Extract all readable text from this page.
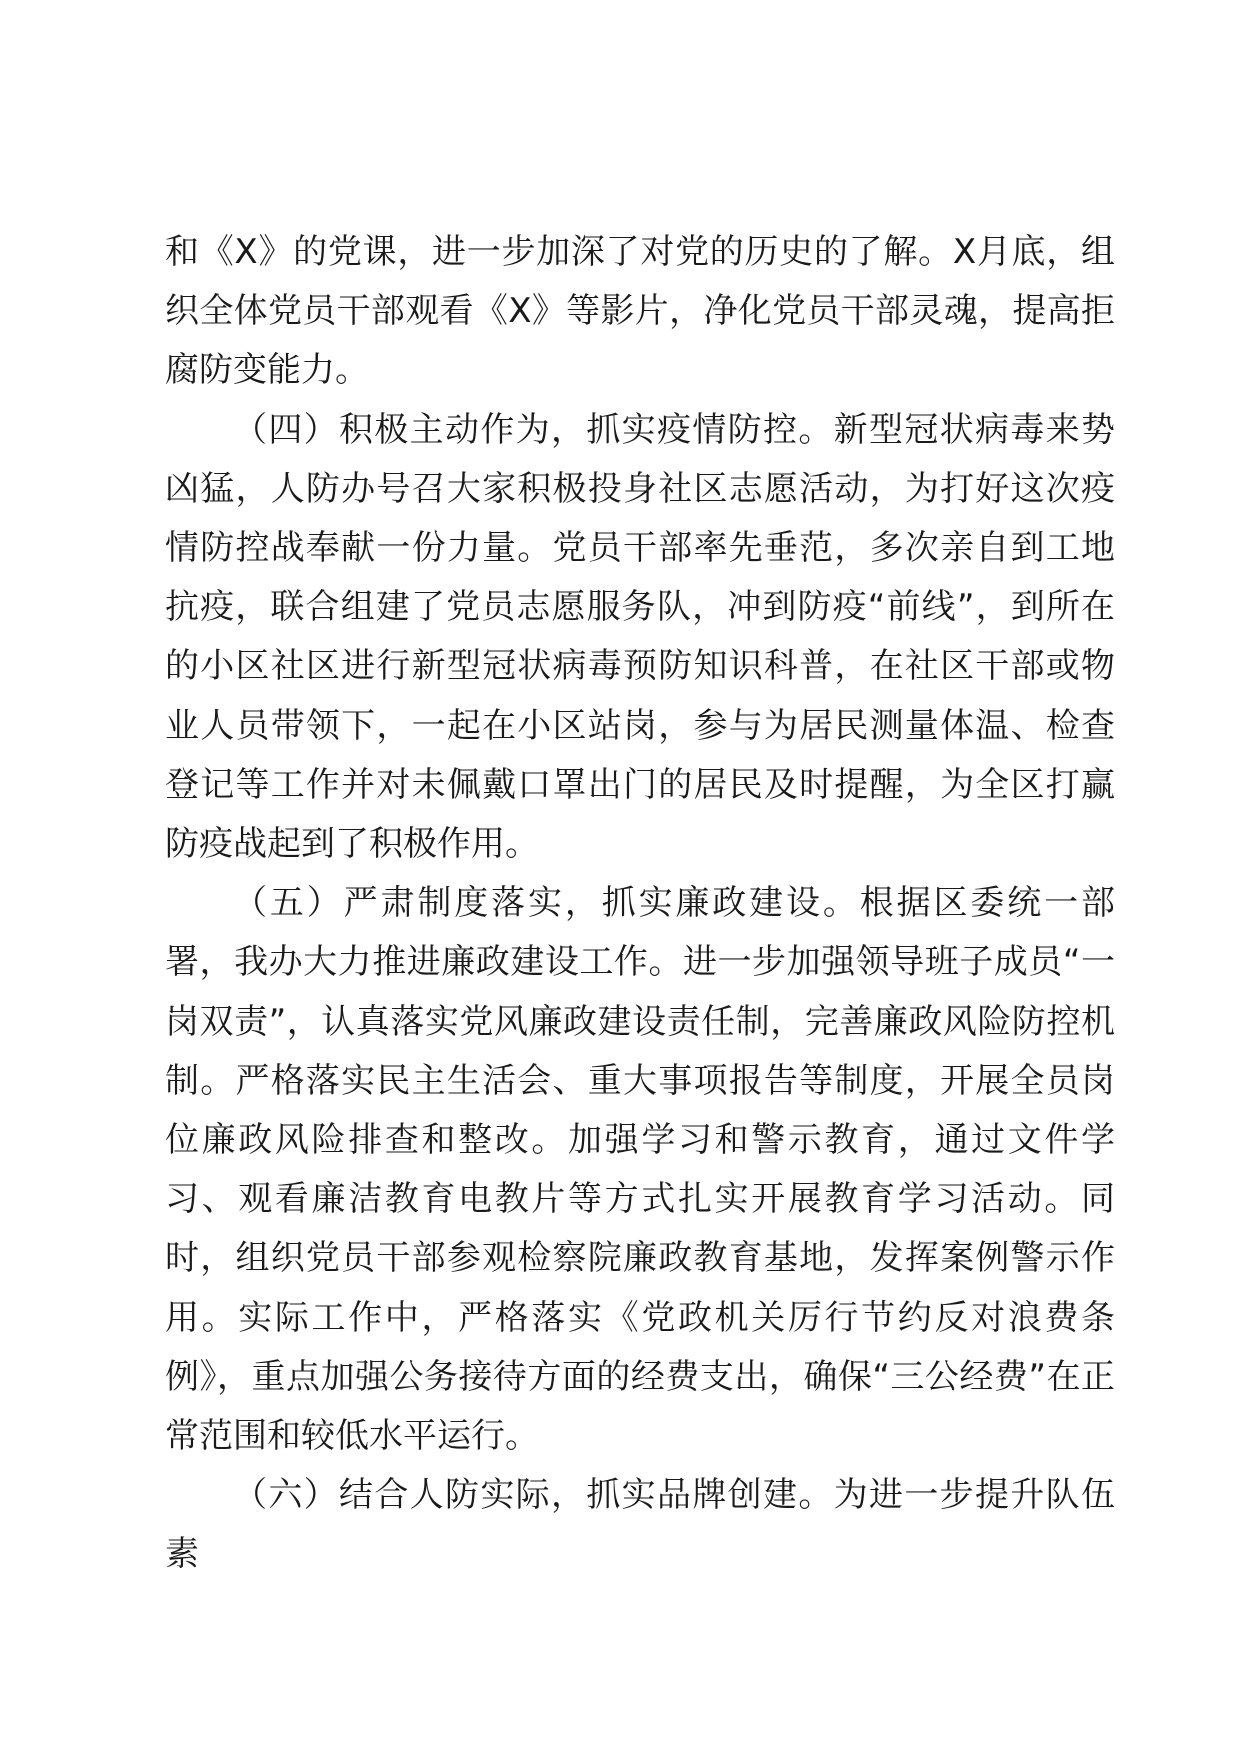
和《X》的党课，进一步加深了对党的历史的了解。X月底，组织全体党员干部观看《X》等影片，净化党员干部灵魂，提高拒腐防变能力。

（四）积极主动作为，抓实疫情防控。新型冠状病毒来势凶猛，人防办号召大家积极投身社区志愿活动，为打好这次疫情防控战奉献一份力量。党员干部率先垂范，多次亲自到工地抗疫，联合组建了党员志愿服务队，冲到防疫“前线”，到所在的小区社区进行新型冠状病毒预防知识科普，在社区干部或物业人员带领下，一起在小区站岗，参与为居民测量体温、检查登记等工作并对未佩戴口罩出门的居民及时提醒，为全区打赢防疫战起到了积极作用。

（五）严肃制度落实，抓实廉政建设。根据区委统一部署，我办大力推进廉政建设工作。进一步加强领导班子成员“一岗双责”，认真落实党风廉政建设责任制，完善廉政风险防控机制。严格落实民主生活会、重大事项报告等制度，开展全员岗位廉政风险排查和整改。加强学习和警示教育，通过文件学习、观看廉洁教育电教片等方式扎实开展教育学习活动。同时，组织党员干部参观检察院廉政教育基地，发挥案例警示作用。实际工作中，严格落实《党政机关厉行节约反对浪费条例》，重点加强公务接待方面的经费支出，确保“三公经费”在正常范围和较低水平运行。

（六）结合人防实际，抓实品牌创建。为进一步提升队伍素
